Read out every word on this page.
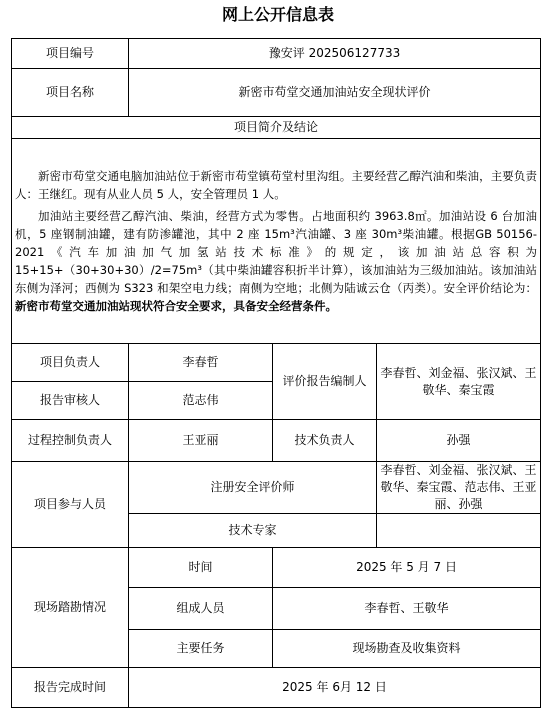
网上公开信息表
项目编号	豫安评 202506127733		
项目名称	新密市苟堂交通加油站安全现状评价		
项目简介及结论			

新密市苟堂交通电脑加油站位于新密市苟堂镇苟堂村里沟组。主要经营乙醇汽油和柴油，主要负责人：王继红。现有从业人员 5 人，安全管理员 1 人。

加油站主要经营乙醇汽油、柴油，经营方式为零售。占地面积约 3963.8㎡。加油站设 6 台加油机，5 座钢制油罐，建有防渗罐池，其中 2 座 15m³汽油罐、3 座 30m³柴油罐。根据GB 50156-2021《汽车加油加气加氢站技术标准》的规定，该加油站总容积为 15+15+（30+30+30）/2=75m³（其中柴油罐容积折半计算），该加油站为三级加油站。该加油站东侧为泽河；西侧为 S323 和架空电力线；南侧为空地；北侧为陆诚云仓（丙类）。安全评价结论为：新密市苟堂交通加油站现状符合安全要求，具备安全经营条件。			

项目负责人	李春哲	评价报告编制人	李春哲、刘金福、张汉斌、王敬华、秦宝霞
报告审核人	范志伟		
过程控制负责人	王亚丽	技术负责人	孙强
项目参与人员	注册安全评价师		李春哲、刘金福、张汉斌、王敬华、秦宝霞、范志伟、王亚丽、孙强
	技术专家		
现场踏勘情况	时间	2025 年 5 月 7 日	
	组成人员	李春哲、王敬华	
	主要任务	现场勘查及收集资料	
报告完成时间	2025 年 6月 12 日		
